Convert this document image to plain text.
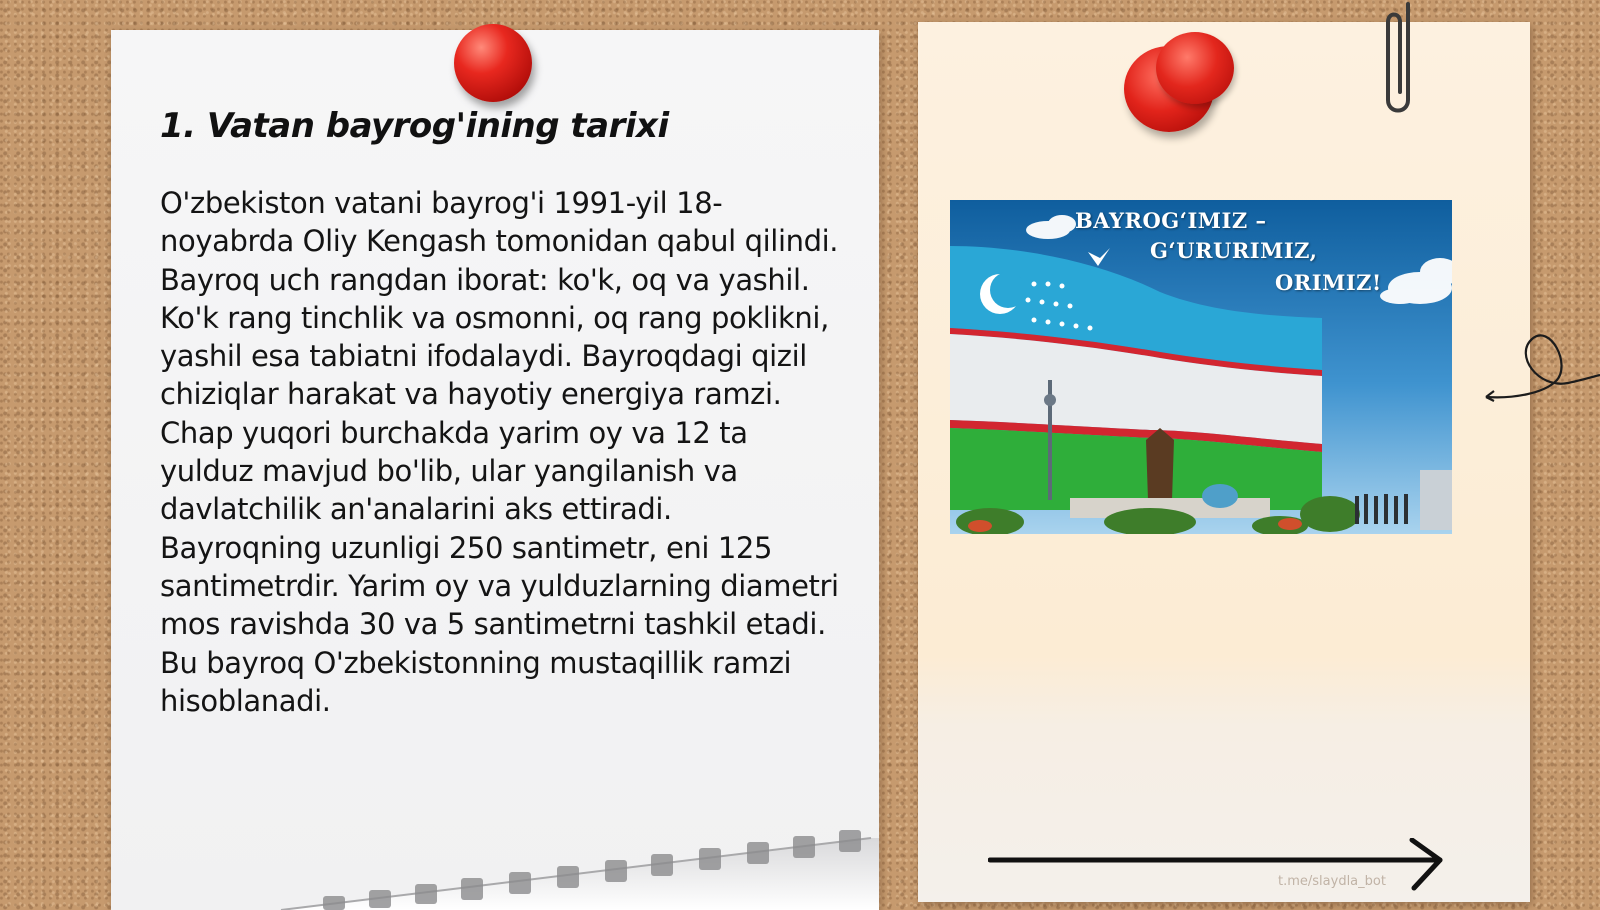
1. Vatan bayrog'ining tarixi

O'zbekiston vatani bayrog'i 1991-yil 18-noyabrda Oliy Kengash tomonidan qabul qilindi. Bayroq uch rangdan iborat: ko'k, oq va yashil. Ko'k rang tinchlik va osmonni, oq rang poklikni, yashil esa tabiatni ifodalaydi. Bayroqdagi qizil chiziqlar harakat va hayotiy energiya ramzi. Chap yuqori burchakda yarim oy va 12 ta yulduz mavjud bo'lib, ular yangilanish va davlatchilik an'analarini aks ettiradi. Bayroqning uzunligi 250 santimetr, eni 125 santimetrdir. Yarim oy va yulduzlarning diametri mos ravishda 30 va 5 santimetrni tashkil etadi. Bu bayroq O'zbekistonning mustaqillik ramzi hisoblanadi.

BAYROG‘IMIZ –
G‘URURIMIZ,
ORIMIZ!
t.me/slaydla_bot
